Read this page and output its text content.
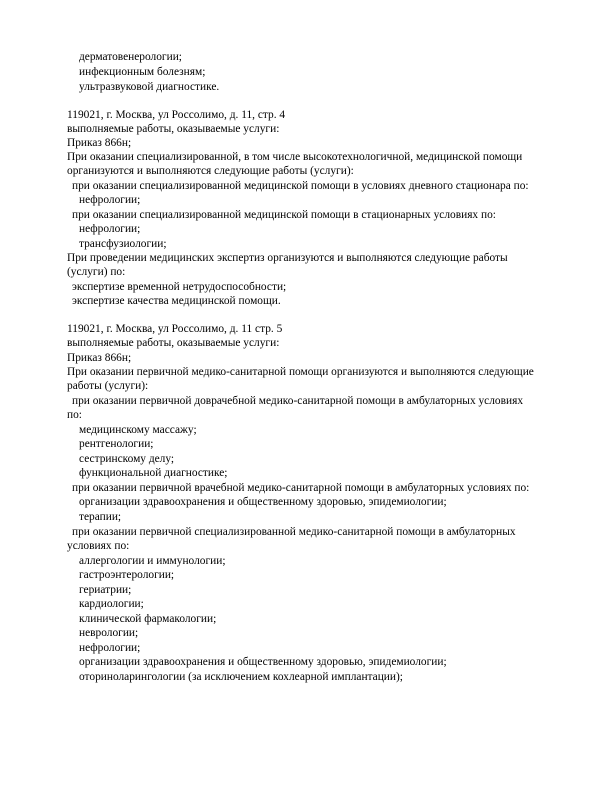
дерматовенерологии;
инфекционным болезням;
ультразвуковой диагностике.
119021, г. Москва, ул Россолимо, д. 11, стр. 4
выполняемые работы, оказываемые услуги:
Приказ 866н;
При оказании специализированной, в том числе высокотехнологичной, медицинской помощи
организуются и выполняются следующие работы (услуги):
при оказании специализированной медицинской помощи в условиях дневного стационара по:
нефрологии;
при оказании специализированной медицинской помощи в стационарных условиях по:
нефрологии;
трансфузиологии;
При проведении медицинских экспертиз организуются и выполняются следующие работы
(услуги) по:
экспертизе временной нетрудоспособности;
экспертизе качества медицинской помощи.
119021, г. Москва, ул Россолимо, д. 11 стр. 5
выполняемые работы, оказываемые услуги:
Приказ 866н;
При оказании первичной медико-санитарной помощи организуются и выполняются следующие
работы (услуги):
при оказании первичной доврачебной медико-санитарной помощи в амбулаторных условиях
по:
медицинскому массажу;
рентгенологии;
сестринскому делу;
функциональной диагностике;
при оказании первичной врачебной медико-санитарной помощи в амбулаторных условиях по:
организации здравоохранения и общественному здоровью, эпидемиологии;
терапии;
при оказании первичной специализированной медико-санитарной помощи в амбулаторных
условиях по:
аллергологии и иммунологии;
гастроэнтерологии;
гериатрии;
кардиологии;
клинической фармакологии;
неврологии;
нефрологии;
организации здравоохранения и общественному здоровью, эпидемиологии;
оториноларингологии (за исключением кохлеарной имплантации);
